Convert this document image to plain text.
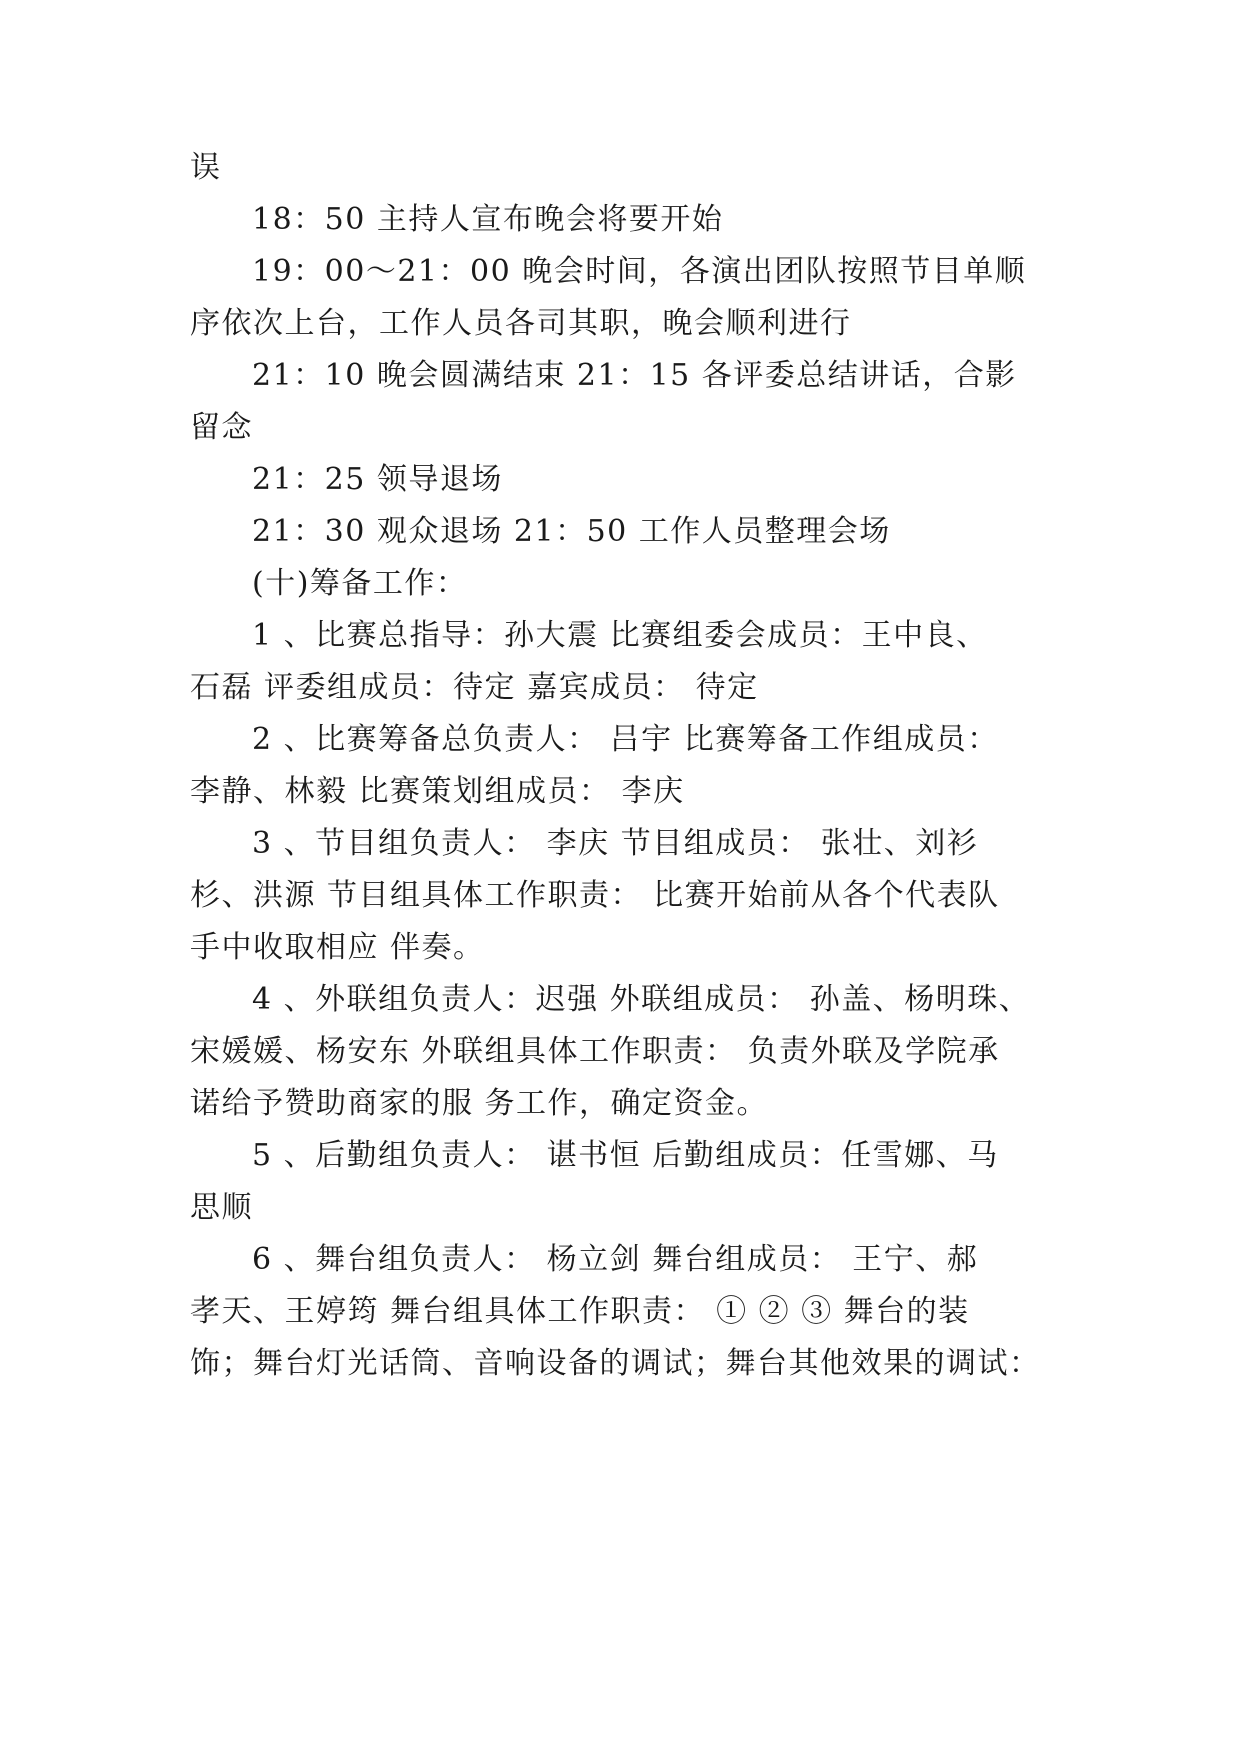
误
18：50 主持人宣布晚会将要开始
19：00～21：00 晚会时间，各演出团队按照节目单顺
序依次上台，工作人员各司其职，晚会顺利进行
21：10 晚会圆满结束 21：15 各评委总结讲话，合影
留念
21：25 领导退场
21：30 观众退场 21：50 工作人员整理会场
(十)筹备工作：
1 、比赛总指导：孙大震 比赛组委会成员：王中良、
石磊 评委组成员：待定 嘉宾成员： 待定
2 、比赛筹备总负责人： 吕宇 比赛筹备工作组成员：
李静、林毅 比赛策划组成员： 李庆
3 、节目组负责人： 李庆 节目组成员： 张壮、刘衫
杉、洪源 节目组具体工作职责： 比赛开始前从各个代表队
手中收取相应 伴奏。
4 、外联组负责人：迟强 外联组成员： 孙盖、杨明珠、
宋媛媛、杨安东 外联组具体工作职责： 负责外联及学院承
诺给予赞助商家的服 务工作，确定资金。
5 、后勤组负责人： 谌书恒 后勤组成员：任雪娜、马
思顺
6 、舞台组负责人： 杨立剑 舞台组成员： 王宁、郝
孝天、王婷筠 舞台组具体工作职责： ① ② ③ 舞台的装
饰；舞台灯光话筒、音响设备的调试；舞台其他效果的调试：
